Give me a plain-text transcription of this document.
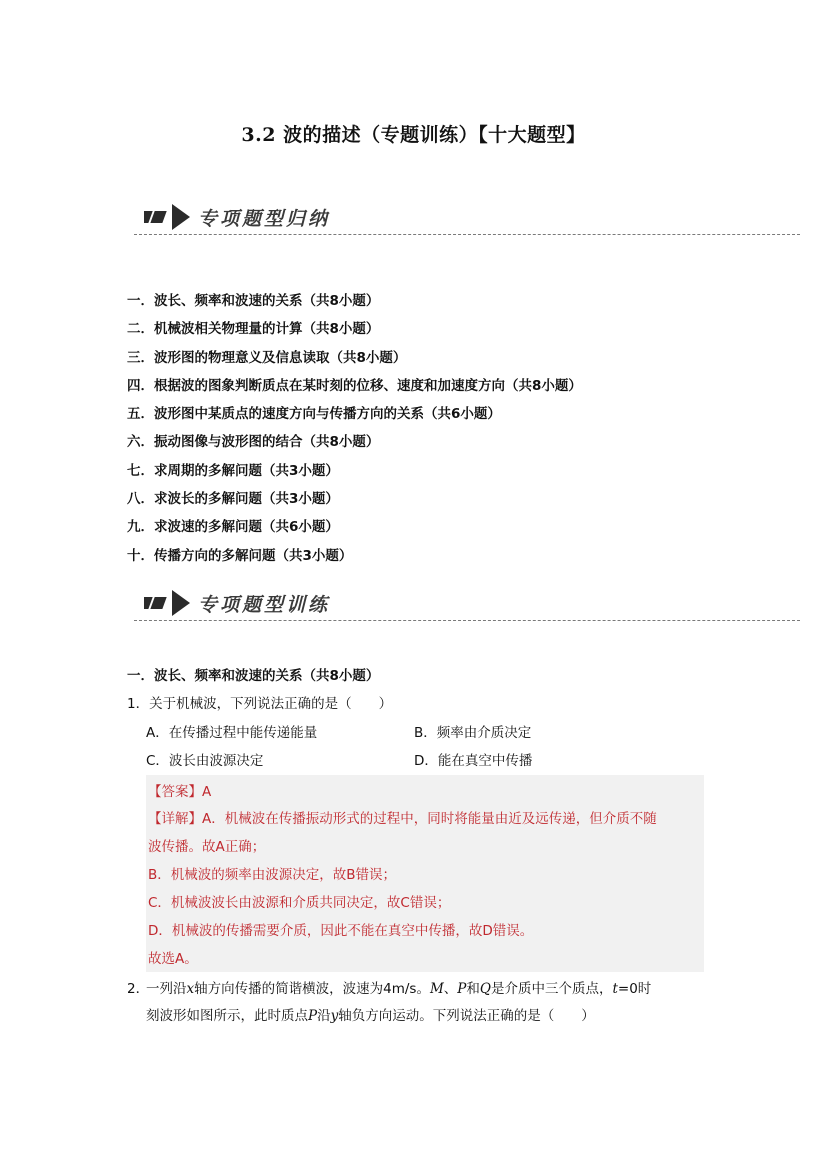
3.2 波的描述（专题训练）【十大题型】
专项题型归纳
一．波长、频率和波速的关系（共8小题）
二．机械波相关物理量的计算（共8小题）
三．波形图的物理意义及信息读取（共8小题）
四．根据波的图象判断质点在某时刻的位移、速度和加速度方向（共8小题）
五．波形图中某质点的速度方向与传播方向的关系（共6小题）
六．振动图像与波形图的结合（共8小题）
七．求周期的多解问题（共3小题）
八．求波长的多解问题（共3小题）
九．求波速的多解问题（共6小题）
十．传播方向的多解问题（共3小题）
专项题型训练
一．波长、频率和波速的关系（共8小题）
1．关于机械波，下列说法正确的是（　　）
A．在传播过程中能传递能量	B．频率由介质决定
C．波长由波源决定	D．能在真空中传播
【答案】A
【详解】A．机械波在传播振动形式的过程中，同时将能量由近及远传递，但介质不随
波传播。故A正确；
B．机械波的频率由波源决定，故B错误；
C．机械波波长由波源和介质共同决定，故C错误；
D．机械波的传播需要介质，因此不能在真空中传播，故D错误。
故选A。
2．
一列沿x轴方向传播的简谐横波，波速为4m/s。M、P和Q是介质中三个质点，t=0时
刻波形如图所示，此时质点P沿y轴负方向运动。下列说法正确的是（　　）
